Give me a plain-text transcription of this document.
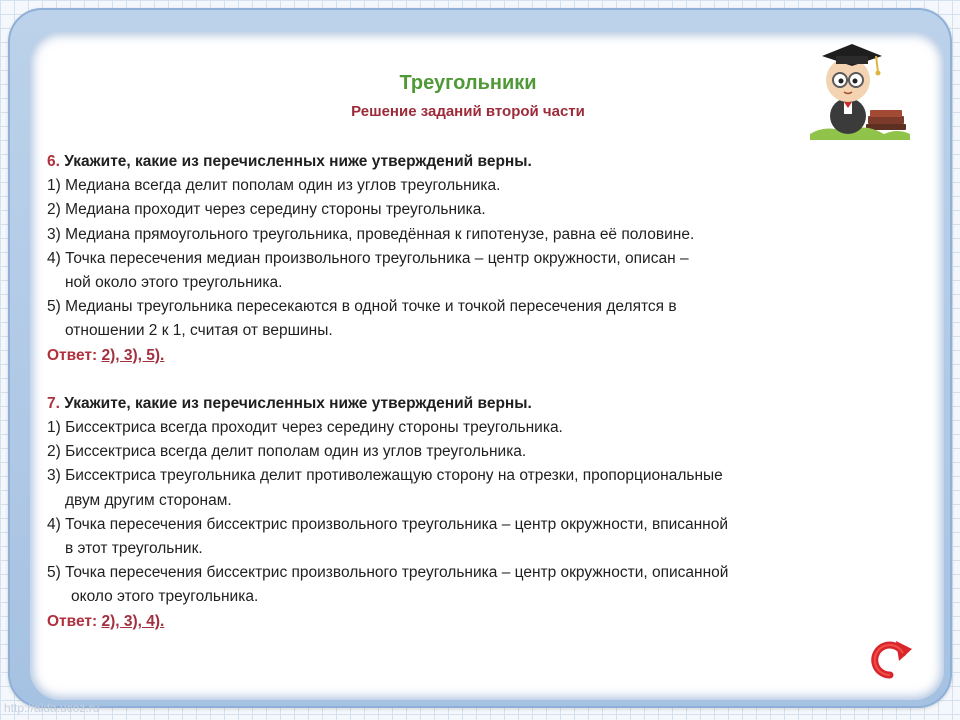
Треугольники
Решение заданий второй части
6. Укажите, какие из перечисленных ниже утверждений верны.
1) Медиана всегда делит пополам один из углов треугольника.
2) Медиана проходит через середину стороны треугольника.
3) Медиана прямоугольного треугольника, проведённая к гипотенузе, равна её половине.
4) Точка пересечения медиан произвольного треугольника – центр окружности, описан –
ной около этого треугольника.
5) Медианы треугольника пересекаются в одной точке и точкой пересечения делятся в
отношении 2 к 1, считая от вершины.
Ответ: 2), 3), 5).
7. Укажите, какие из перечисленных ниже утверждений верны.
1) Биссектриса всегда проходит через середину стороны треугольника.
2) Биссектриса всегда делит пополам один из углов треугольника.
3) Биссектриса треугольника делит противолежащую сторону на отрезки, пропорциональные
двум другим сторонам.
4) Точка пересечения биссектрис произвольного треугольника – центр окружности, вписанной
в этот треугольник.
5) Точка пересечения биссектрис произвольного треугольника – центр окружности, описанной
около этого треугольника.
Ответ: 2), 3), 4).
http://aida.ucoz.ru
